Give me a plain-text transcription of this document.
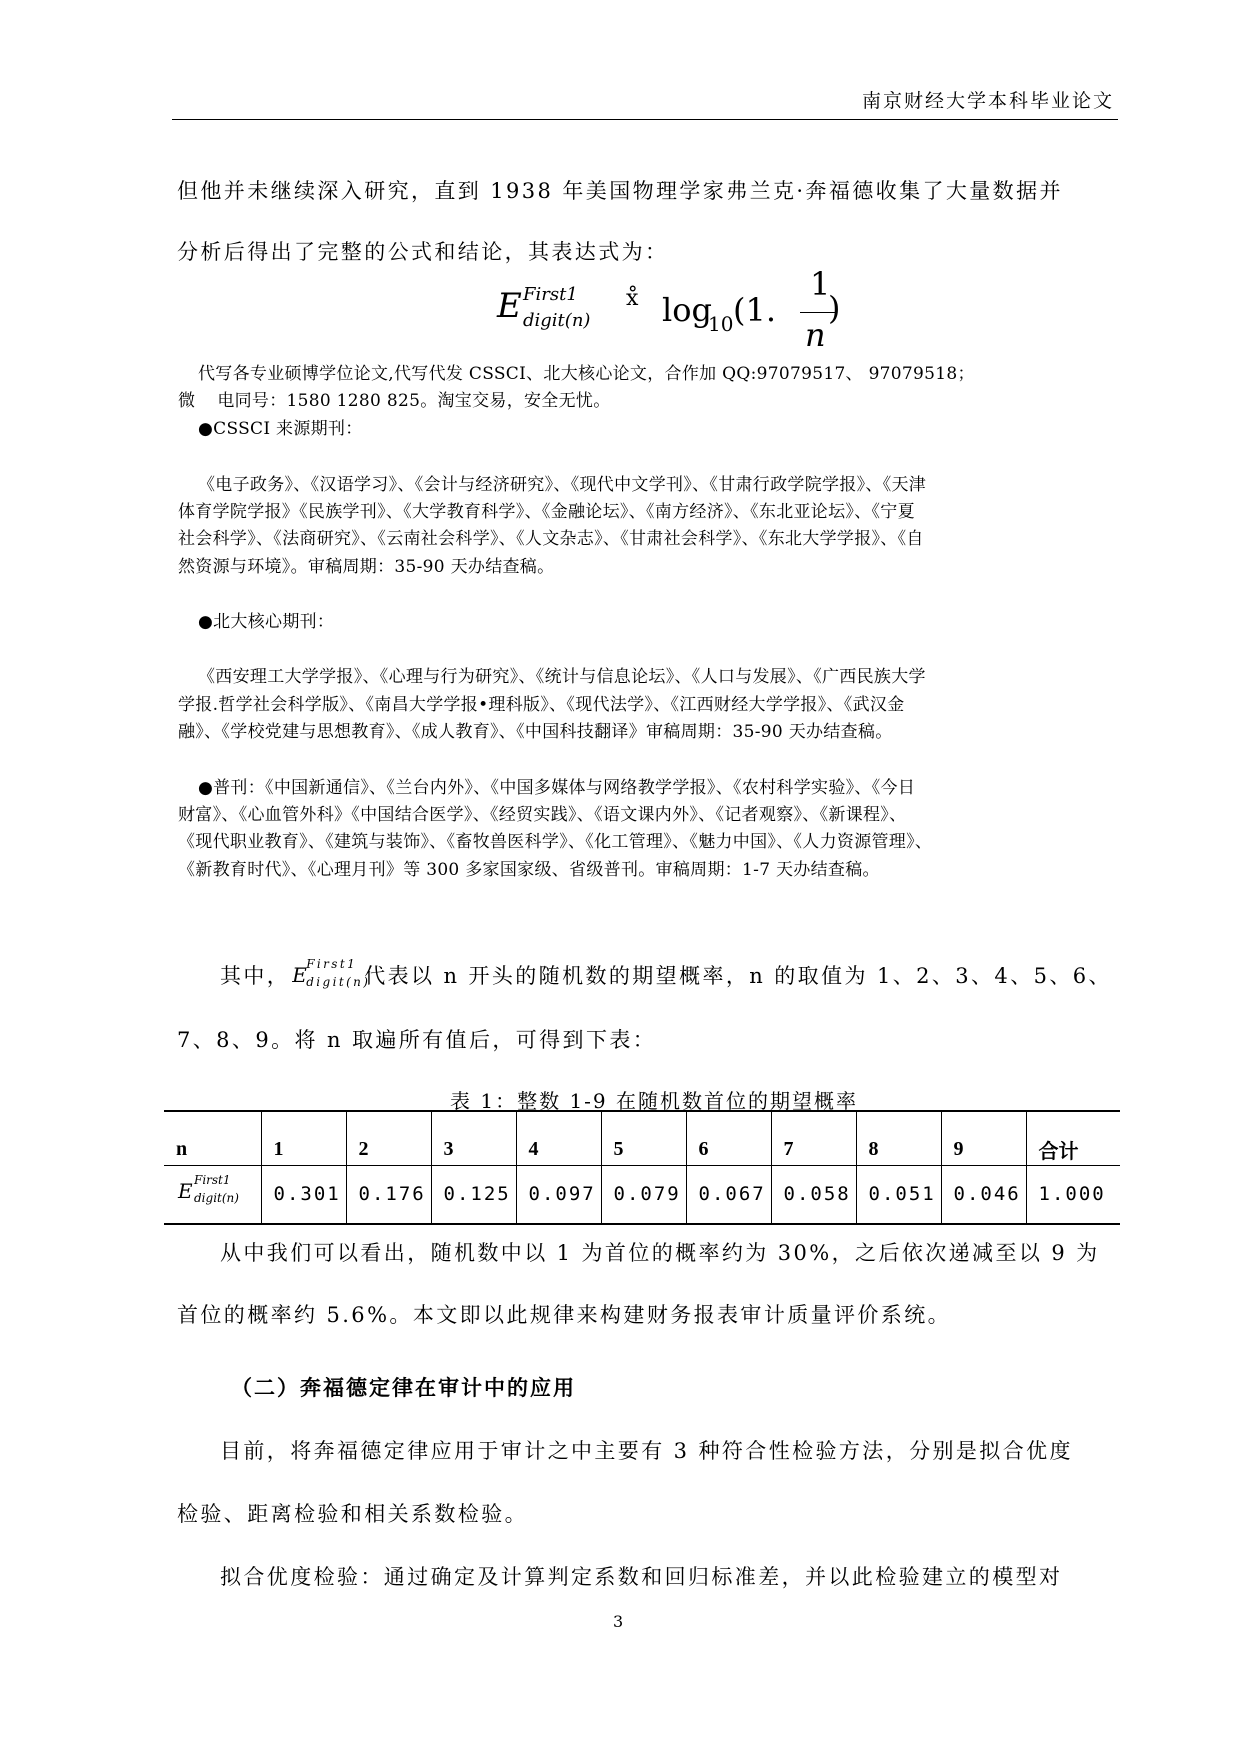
南京财经大学本科毕业论文
但他并未继续深入研究，直到 1938 年美国物理学家弗兰克·奔福德收集了大量数据并
分析后得出了完整的公式和结论，其表达式为：
E First1
digit(n)
ⅹ̊ log
10 (1.
1
n
)
代写各专业硕博学位论文,代写代发 CSSCI、北大核心论文，合作加 QQ:97079517、 97079518；
微 电同号：1580 1280 825。淘宝交易，安全无忧。
●CSSCI 来源期刊：
《电子政务》、《汉语学习》、《会计与经济研究》、《现代中文学刊》、《甘肃行政学院学报》、《天津
体育学院学报》《民族学刊》、《大学教育科学》、《金融论坛》、《南方经济》、《东北亚论坛》、《宁夏
社会科学》、《法商研究》、《云南社会科学》、《人文杂志》、《甘肃社会科学》、《东北大学学报》、《自
然资源与环境》。审稿周期：35-90 天办结查稿。
●北大核心期刊：
《西安理工大学学报》、《心理与行为研究》、《统计与信息论坛》、《人口与发展》、《广西民族大学
学报.哲学社会科学版》、《南昌大学学报•理科版》、《现代法学》、《江西财经大学学报》、《武汉金
融》、《学校党建与思想教育》、《成人教育》、《中国科技翻译》审稿周期：35-90 天办结查稿。
●普刊：《中国新通信》、《兰台内外》、《中国多媒体与网络教学学报》、《农村科学实验》、《今日
财富》、《心血管外科》《中国结合医学》、《经贸实践》、《语文课内外》、《记者观察》、《新课程》、
《现代职业教育》、《建筑与装饰》、《畜牧兽医科学》、《化工管理》、《魅力中国》、《人力资源管理》、
《新教育时代》、《心理月刊》等 300 多家国家级、省级普刊。审稿周期：1-7 天办结查稿。
其中， E
First1
digit(n)
代表以 n 开头的随机数的期望概率，n 的取值为 1、2、3、4、5、6、
7、8、9。将 n 取遍所有值后，可得到下表：
表 1：整数 1-9 在随机数首位的期望概率
n	1	2	3	4	5	6	7	8	9	合计

E First1
digit(n)	0.301	0.176	0.125	0.097	0.079	0.067	0.058	0.051	0.046	1.000
从中我们可以看出，随机数中以 1 为首位的概率约为 30%，之后依次递减至以 9 为
首位的概率约 5.6%。本文即以此规律来构建财务报表审计质量评价系统。
（二）奔福德定律在审计中的应用
目前，将奔福德定律应用于审计之中主要有 3 种符合性检验方法，分别是拟合优度
检验、距离检验和相关系数检验。
拟合优度检验：通过确定及计算判定系数和回归标准差，并以此检验建立的模型对
3
